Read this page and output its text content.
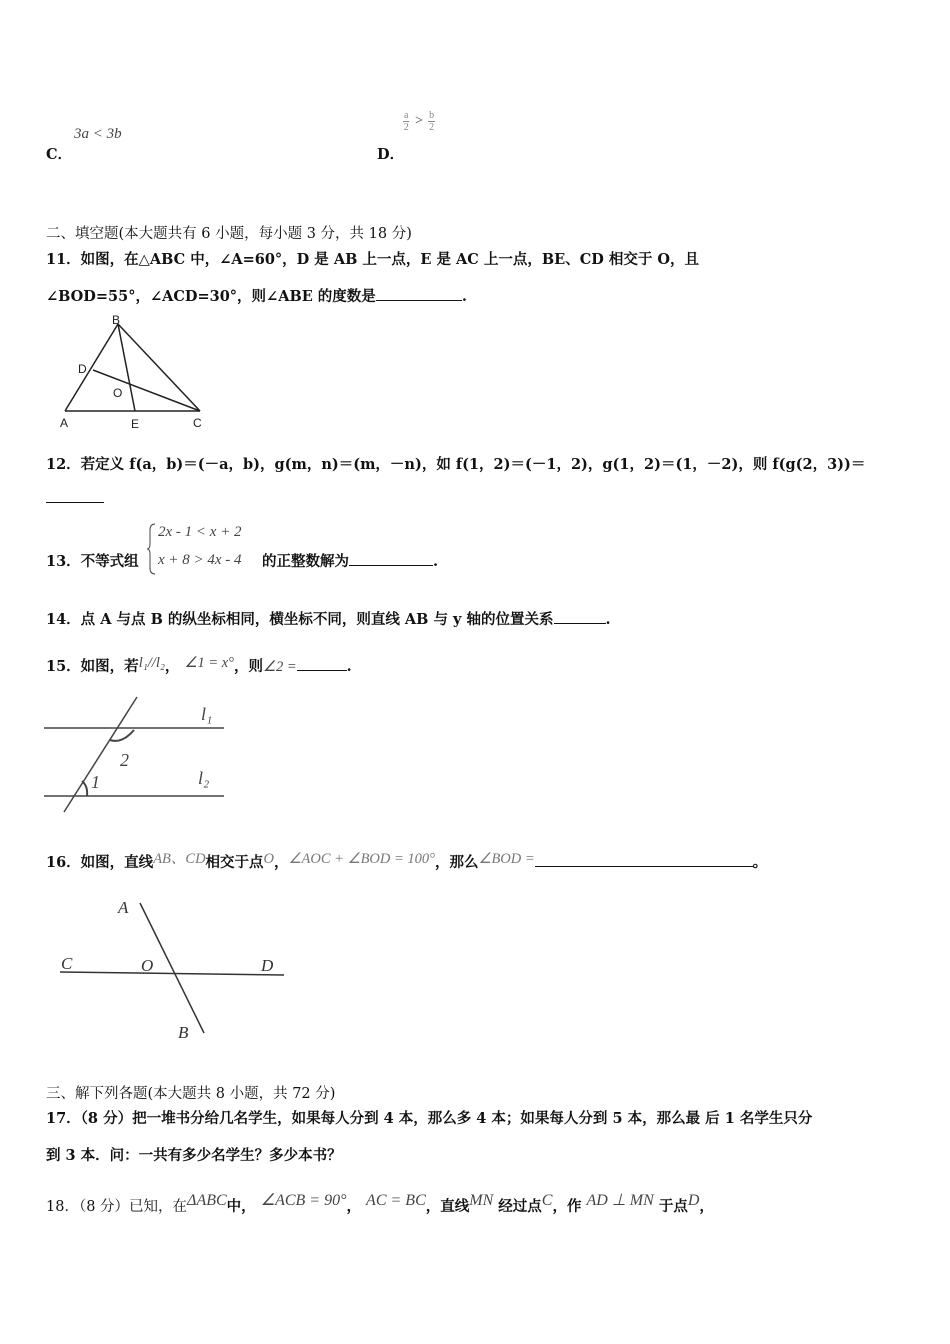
C．
3a < 3b
D．
$\frac{a}{2} > \frac{b}{2}$
二、填空题(本大题共有 6 小题，每小题 3 分，共 18 分)
11．如图，在△ABC 中，∠A=60°，D 是 AB 上一点，E 是 AC 上一点，BE、CD 相交于 O，且
∠BOD=55°，∠ACD=30°，则∠ABE 的度数是	.
B
D
O
A	E	C
12．若定义 f(a，b)＝(－a，b)，g(m，n)＝(m，－n)，如 f(1，2)＝(－1，2)，g(1，2)＝(1，－2)，则 f(g(2，3))＝
13．不等式组
2x - 1 < x + 2
x + 8 > 4x - 4 的正整数解为	.
14．点 A 与点 B 的纵坐标相同，横坐标不同，则直线 AB 与 y 轴的位置关系	.
15．如图，若l₁//l₂， ∠1 = x°，则∠2 =	.
l₁
l₂
2
1
16．如图，直线AB、CD相交于点O，∠AOC + ∠BOD = 100°，那么∠BOD =	。
A
C	O	D
B
三、解下列各题(本大题共 8 小题，共 72 分)
17．（8 分）把一堆书分给几名学生，如果每人分到 4 本，那么多 4 本；如果每人分到 5 本，那么最 后 1 名学生只分
到 3 本．问：一共有多少名学生？多少本书？
18．（8 分）已知，在ΔABC中， ∠ACB = 90°， AC = BC，直线MN 经过点C，作 AD ⊥ MN 于点D，
